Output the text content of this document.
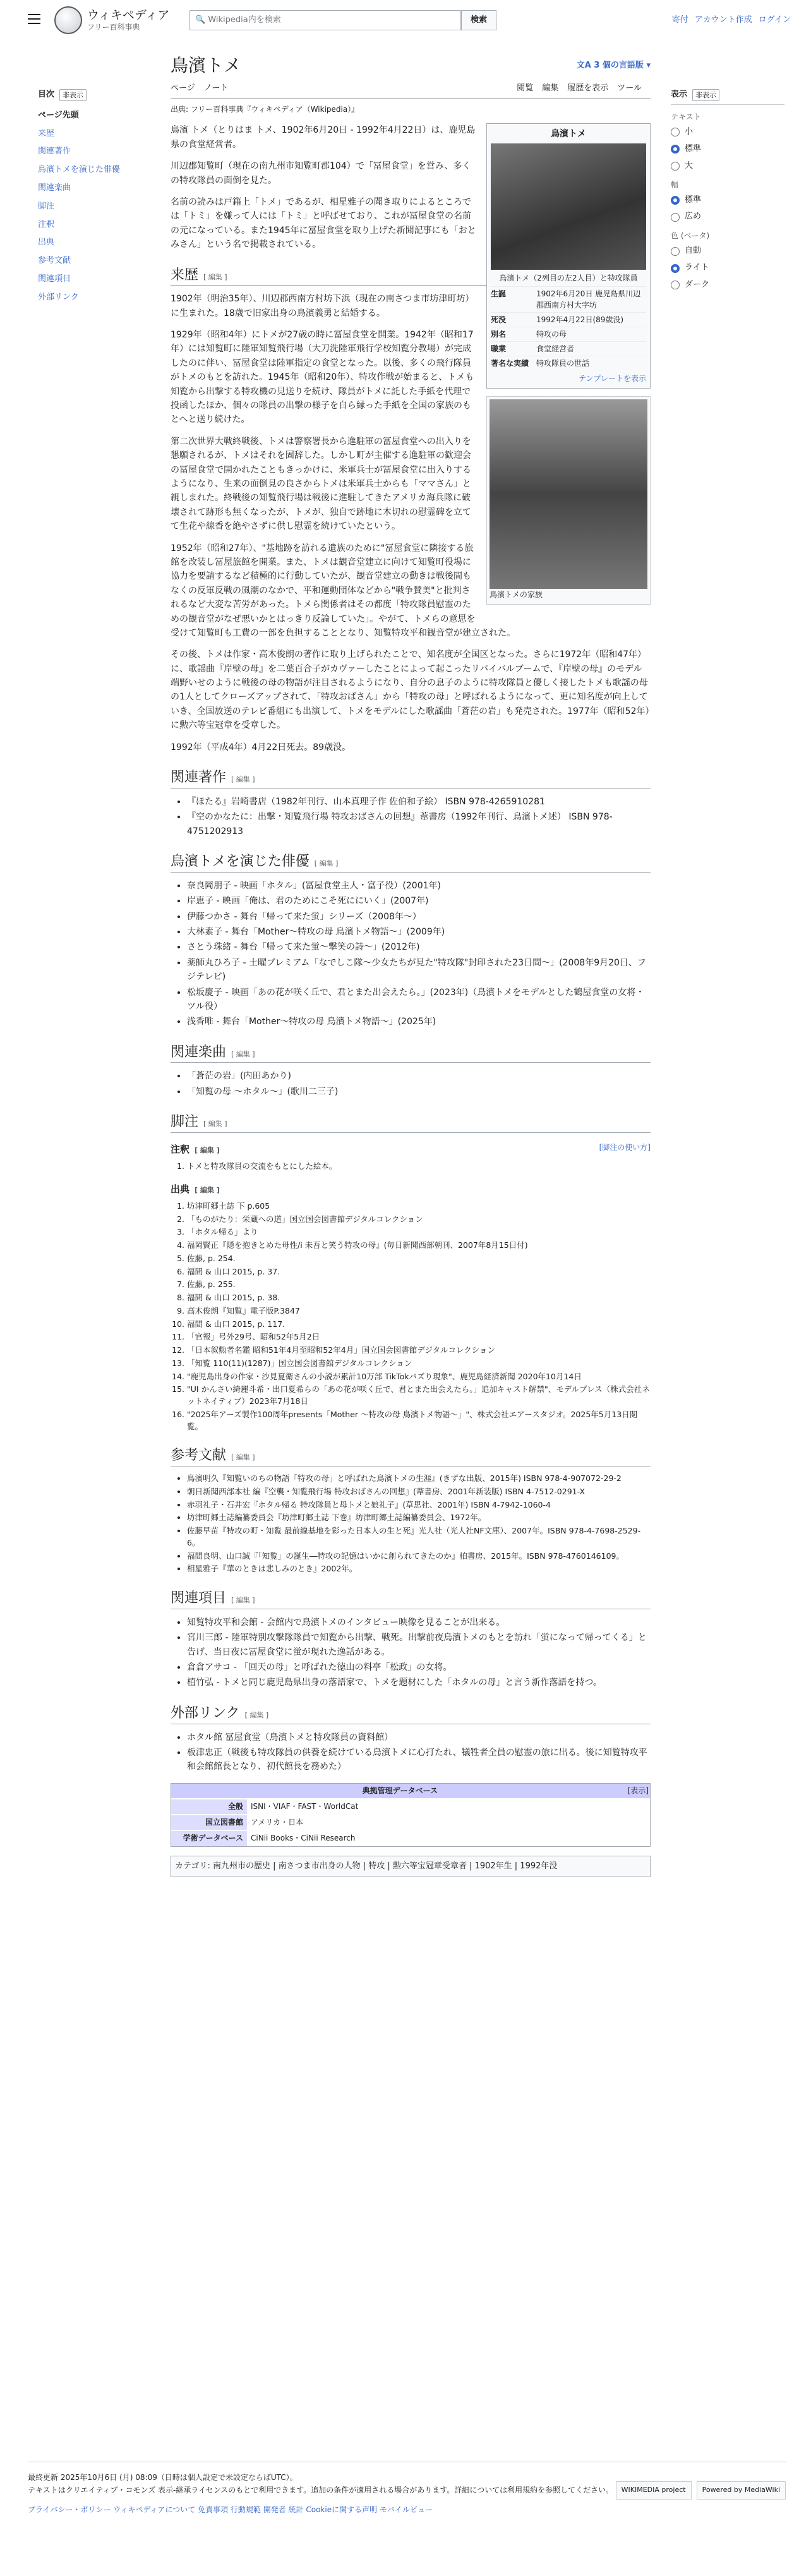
ウィキペディア
フリー百科事典
🔍 Wikipedia内を検索	検索	寄付 アカウント作成 ログイン
目次	非表示
ページ先頭
来歴
関連著作
鳥濱トメを演じた俳優
関連楽曲
脚注
注釈
出典
参考文献
関連項目
外部リンク
鳥濱トメ	文A 3 個の言語版 ▾
ページ ノート	閲覧 編集 履歴を表示 ツール
出典: フリー百科事典『ウィキペディア（Wikipedia）』
鳥濱トメ
鳥濱トメ（2列目の左2人目）と特攻隊員
生誕	1902年6月20日 鹿児島県川辺郡西南方村大字坊
死没	1992年4月22日(89歳没)
別名	特攻の母
職業	食堂経営者
著名な実績 特攻隊員の世話
テンプレートを表示

鳥濱 トメ（とりはま トメ、1902年6月20日 - 1992年4月22日）は、鹿児島県の食堂経営者。

川辺郡知覧町（現在の南九州市知覧町郡104）で「冨屋食堂」を営み、多くの特攻隊員の面倒を見た。

名前の読みは戸籍上「トメ」であるが、相星雅子の聞き取りによるところでは「トミ」を嫌って人には「トミ」と呼ばせており、これが冨屋食堂の名前の元になっている。また1945年に冨屋食堂を取り上げた新聞記事にも「おとみさん」という名で掲載されている。

来歴 [ 編集 ]
鳥濱トメの家族

1902年（明治35年）、川辺郡西南方村坊下浜（現在の南さつま市坊津町坊）に生まれた。18歳で旧家出身の鳥濱義勇と結婚する。

1929年（昭和4年）にトメが27歳の時に冨屋食堂を開業。1942年（昭和17年）には知覧町に陸軍知覧飛行場（大刀洗陸軍飛行学校知覧分教場）が完成したのに伴い、冨屋食堂は陸軍指定の食堂となった。以後、多くの飛行隊員がトメのもとを訪れた。1945年（昭和20年）、特攻作戦が始まると、トメも知覧から出撃する特攻機の見送りを続け、隊員がトメに託した手紙を代理で投函したほか、個々の隊員の出撃の様子を自ら縁った手紙を全国の家族のもとへと送り続けた。

第二次世界大戦終戦後、トメは警察署長から進駐軍の冨屋食堂への出入りを懇願されるが、トメはそれを固辞した。しかし町が主催する進駐軍の歓迎会の冨屋食堂で開かれたこともきっかけに、米軍兵士が冨屋食堂に出入りするようになり、生来の面倒見の良さからトメは米軍兵士からも「ママさん」と親しまれた。終戦後の知覧飛行場は戦後に進駐してきたアメリカ海兵隊に破壊されて跡形も無くなったが、トメが、独自で跡地に木切れの慰霊碑を立てて生花や線香を絶やさずに供し慰霊を続けていたという。

1952年（昭和27年）、"基地跡を訪れる遺族のために"冨屋食堂に隣接する旅館を改装し冨屋旅館を開業。また、トメは観音堂建立に向けて知覧町役場に協力を要請するなど積極的に行動していたが、観音堂建立の動きは戦後間もなくの反軍反戦の風潮のなかで、平和運動団体などから"戦争賛美"と批判されるなど大変な苦労があった。トメら関係者はその都度「特攻隊員慰霊のための観音堂がなぜ悪いかとはっきり反論していた」。やがて、トメらの意思を受けて知覧町も工費の一部を負担することとなり、知覧特攻平和観音堂が建立された。

その後、トメは作家・高木俊朗の著作に取り上げられたことで、知名度が全国区となった。さらに1972年（昭和47年）に、歌謡曲『岸壁の母』を二葉百合子がカヴァーしたことによって起こったリバイバルブームで、『岸壁の母』のモデル端野いせのように戦後の母の物語が注目されるようになり、自分の息子のように特攻隊員と優しく接したトメも歌謡の母の1人としてクローズアップされて、「特攻おばさん」から「特攻の母」と呼ばれるようになって、更に知名度が向上していき、全国放送のテレビ番組にも出演して、トメをモデルにした歌謡曲「蒼茫の岩」も発売された。1977年（昭和52年）に勲六等宝冠章を受章した。

1992年（平成4年）4月22日死去。89歳没。

関連著作 [ 編集 ]
• 『ほたる』岩崎書店（1982年刊行、山本真理子作 佐伯和子絵） ISBN 978-4265910281
• 『空のかなたに：出撃・知覧飛行場 特攻おばさんの回想』葦書房（1992年刊行、鳥濱トメ述） ISBN 978-4751202913
鳥濱トメを演じた俳優 [ 編集 ]
• 奈良岡朋子 - 映画「ホタル」(冨屋食堂主人・富子役）(2001年)
• 岸恵子 - 映画「俺は、君のためにこそ死ににいく」(2007年)
• 伊藤つかさ - 舞台「帰って来た蛍」シリーズ（2008年〜）
• 大林素子 - 舞台「Mother〜特攻の母 鳥濱トメ物語〜」(2009年)
• さとう珠緒 - 舞台「帰って来た蛍〜撃笑の詩〜」(2012年)
• 薬師丸ひろ子 - 土曜プレミアム「なでしこ隊〜少女たちが見た"特攻隊"封印された23日間〜」(2008年9月20日、フジテレビ)
• 松坂慶子 - 映画「あの花が咲く丘で、君とまた出会えたら。」(2023年)（鳥濱トメをモデルとした鶴屋食堂の女将・ツル役）
• 浅香唯 - 舞台「Mother〜特攻の母 鳥濱トメ物語〜」(2025年)
関連楽曲 [ 編集 ]
• 「蒼茫の岩」(内田あかり)
• 「知覧の母 〜ホタル〜」(歌川二三子)
脚注 [ 編集 ]
注釈 [ 編集 ]	[脚注の使い方]
1. トメと特攻隊員の交流をもとにした絵本。
出典 [ 編集 ]
1. 坊津町郷土誌 下 p.605
2. 「ものがたり：栄蔵への道」国立国会図書館デジタルコレクション
3. 「ホタル帰る」より
4. 福岡賢正『隠を抱きとめた母性/i 未吾と笑う特攻の母』(毎日新聞西部朝刊、2007年8月15日付)
5. 佐藤, p. 254.
6. 福間 & 山口 2015, p. 37.
7. 佐藤, p. 255.
8. 福間 & 山口 2015, p. 38.
9. 高木俊朗『知覧』電子版P.3847
10. 福間 & 山口 2015, p. 117.
11. 「官報」号外29号、昭和52年5月2日
12. 「日本叙勲者名鑑 昭和51年4月至昭和52年4月」国立国会図書館デジタルコレクション
13. 「知覧 110(11)(1287)」国立国会図書館デジタルコレクション
14. "鹿児島出身の作家・沙見夏衛さんの小説が累計10万部 TikTokバズり現象"、鹿児島経済新聞 2020年10月14日
15. "UI かんさい綺麗斗希・出口夏希らの「あの花が咲く丘で、君とまた出会えたら。」追加キャスト解禁"、モデルプレス（株式会社ネットネイティブ）2023年7月18日
16. "2025年アーズ製作100周年presents「Mother 〜特攻の母 鳥濱トメ物語〜」"、株式会社エアースタジオ。2025年5月13日閲覧。
参考文献 [ 編集 ]
• 鳥濱明久『知覧いのちの物語「特攻の母」と呼ばれた鳥濱トメの生涯』(きずな出版、2015年) ISBN 978-4-907072-29-2
• 朝日新聞西部本社 編『空襲・知覧飛行場 特攻おばさんの回想』(葦書房、2001年新装版) ISBN 4-7512-0291-X
• 赤羽礼子・石井宏『ホタル帰る 特攻隊員と母トメと娘礼子』(草思社、2001年) ISBN 4-7942-1060-4
• 坊津町郷土誌編纂委員会『坊津町郷土誌 下巻』坊津町郷土誌編纂委員会、1972年。
• 佐藤早苗『特攻の町・知覧 最前線基地を彩った日本人の生と死』光人社（光人社NF文庫）、2007年。ISBN 978-4-7698-2529-6。
• 福間良明、山口誠『「知覧」の誕生―特攻の記憶はいかに創られてきたのか』柏書房、2015年。ISBN 978-4760146109。
• 相星雅子『華のときは悲しみのとき』2002年。
関連項目 [ 編集 ]
• 知覧特攻平和会館 - 会館内で鳥濱トメのインタビュー映像を見ることが出来る。
• 宮川三郎 - 陸軍特別攻撃隊隊員で知覧から出撃、戦死。出撃前夜鳥濱トメのもとを訪れ「蛍になって帰ってくる」と告げ、当日夜に冨屋食堂に蛍が現れた逸話がある。
• 倉倉アサコ - 「回天の母」と呼ばれた徳山の料亭「松政」の女将。
• 植竹弘 - トメと同じ鹿児島県出身の落語家で、トメを題材にした「ホタルの母」と言う新作落語を持つ。
外部リンク [ 編集 ]
• ホタル館 冨屋食堂（鳥濱トメと特攻隊員の資料館）
• 板津忠正（戦後も特攻隊員の供養を続けている鳥濱トメに心打たれ、犠牲者全員の慰霊の旅に出る。後に知覧特攻平和会館館長となり、初代館長を務めた）
典拠管理データベース	[表示]
全般	ISNI・VIAF・FAST・WorldCat
国立図書館	アメリカ・日本
学術データベース	CiNii Books・CiNii Research
カテゴリ: 南九州市の歴史 | 南さつま市出身の人物 | 特攻 | 勲六等宝冠章受章者 | 1902年生 | 1992年没
表示	非表示
テキスト
小
標準
大
幅
標準
広め
色 (ベータ)
自動
ライト
ダーク
最終更新 2025年10月6日 (月) 08:09（日時は個人設定で未設定ならばUTC）。
テキストはクリエイティブ・コモンズ 表示-継承ライセンスのもとで利用できます。追加の条件が適用される場合があります。詳細については利用規約を参照してください。
プライバシー・ポリシー ウィキペディアについて 免責事項 行動規範 開発者 統計 Cookieに関する声明 モバイルビュー
WIKIMEDIA project	Powered by MediaWiki
